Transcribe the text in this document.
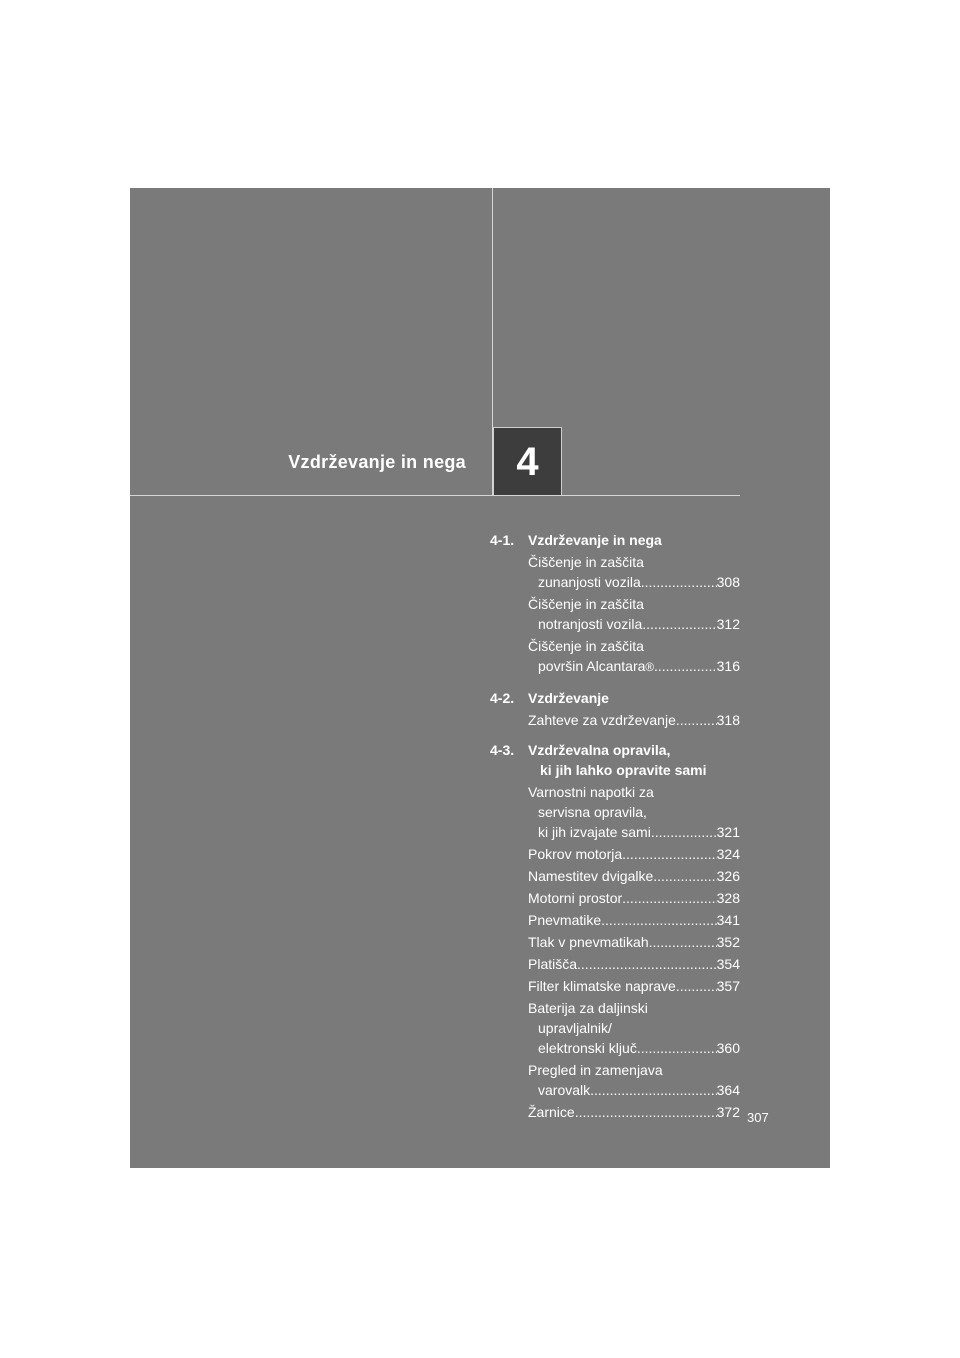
Vzdrževanje in nega	4
4-1. Vzdrževanje in nega
Čiščenje in zaščita
zunanjosti vozila .....	308
Čiščenje in zaščita
notranjosti vozila .....	312
Čiščenje in zaščita
površin Alcantara ® .....	316
4-2. Vzdrževanje
Zahteve za vzdrževanje .....	318
4-3. Vzdrževalna opravila,
ki jih lahko opravite sami
Varnostni napotki za
servisna opravila,
ki jih izvajate sami .....	321
Pokrov motorja .....	324
Namestitev dvigalke .....	326
Motorni prostor .....	328
Pnevmatike .....	341
Tlak v pnevmatikah .....	352
Platišča .....	354
Filter klimatske naprave .....	357
Baterija za daljinski
upravljalnik/
elektronski ključ .....	360
Pregled in zamenjava
varovalk .....	364
Žarnice .....	372 307
